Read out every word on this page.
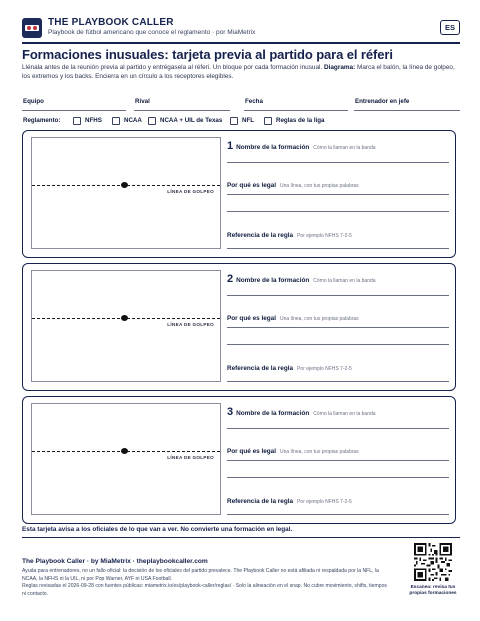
THE PLAYBOOK CALLER
Playbook de fútbol americano que conoce el reglamento · por MiaMetrix
ES
Formaciones inusuales: tarjeta previa al partido para el réferi
Llénala antes de la reunión previa al partido y entrégasela al réferi. Un bloque por cada formación inusual. Diagrama: Marca el balón, la línea de golpeo, los extremos y los backs. Encierra en un círculo a los receptores elegibles.
Equipo	Rival	Fecha	Entrenador en jefe
Reglamento:	NFHS	NCAA	NCAA + UIL de Texas	NFL	Reglas de la liga
LÍNEA DE GOLPEO
1 Nombre de la formación Cómo la llaman en la banda
Por qué es legal Una línea, con tus propias palabras
Referencia de la regla Por ejemplo NFHS 7-2-5
LÍNEA DE GOLPEO
2 Nombre de la formación Cómo la llaman en la banda
Por qué es legal Una línea, con tus propias palabras
Referencia de la regla Por ejemplo NFHS 7-2-5
LÍNEA DE GOLPEO
3 Nombre de la formación Cómo la llaman en la banda
Por qué es legal Una línea, con tus propias palabras
Referencia de la regla Por ejemplo NFHS 7-2-5
Esta tarjeta avisa a los oficiales de lo que van a ver. No convierte una formación en legal.
The Playbook Caller · by MiaMetrix · theplaybookcaller.com

Ayuda para entrenadores, no un fallo oficial: la decisión de los oficiales del partido prevalece. The Playbook Caller no está afiliada ni respaldada por la NFL, la NCAA, la NFHS ni la UIL, ni por Pop Warner, AYF ni USA Football.

Reglas revisadas el 2026-09-28 con fuentes públicas: miametrix.io/es/playbook-caller/reglas/ · Solo la alineación en el snap. No cubre movimiento, shifts, tiempos ni contacto.

Escanea: revisa tus propias formaciones
